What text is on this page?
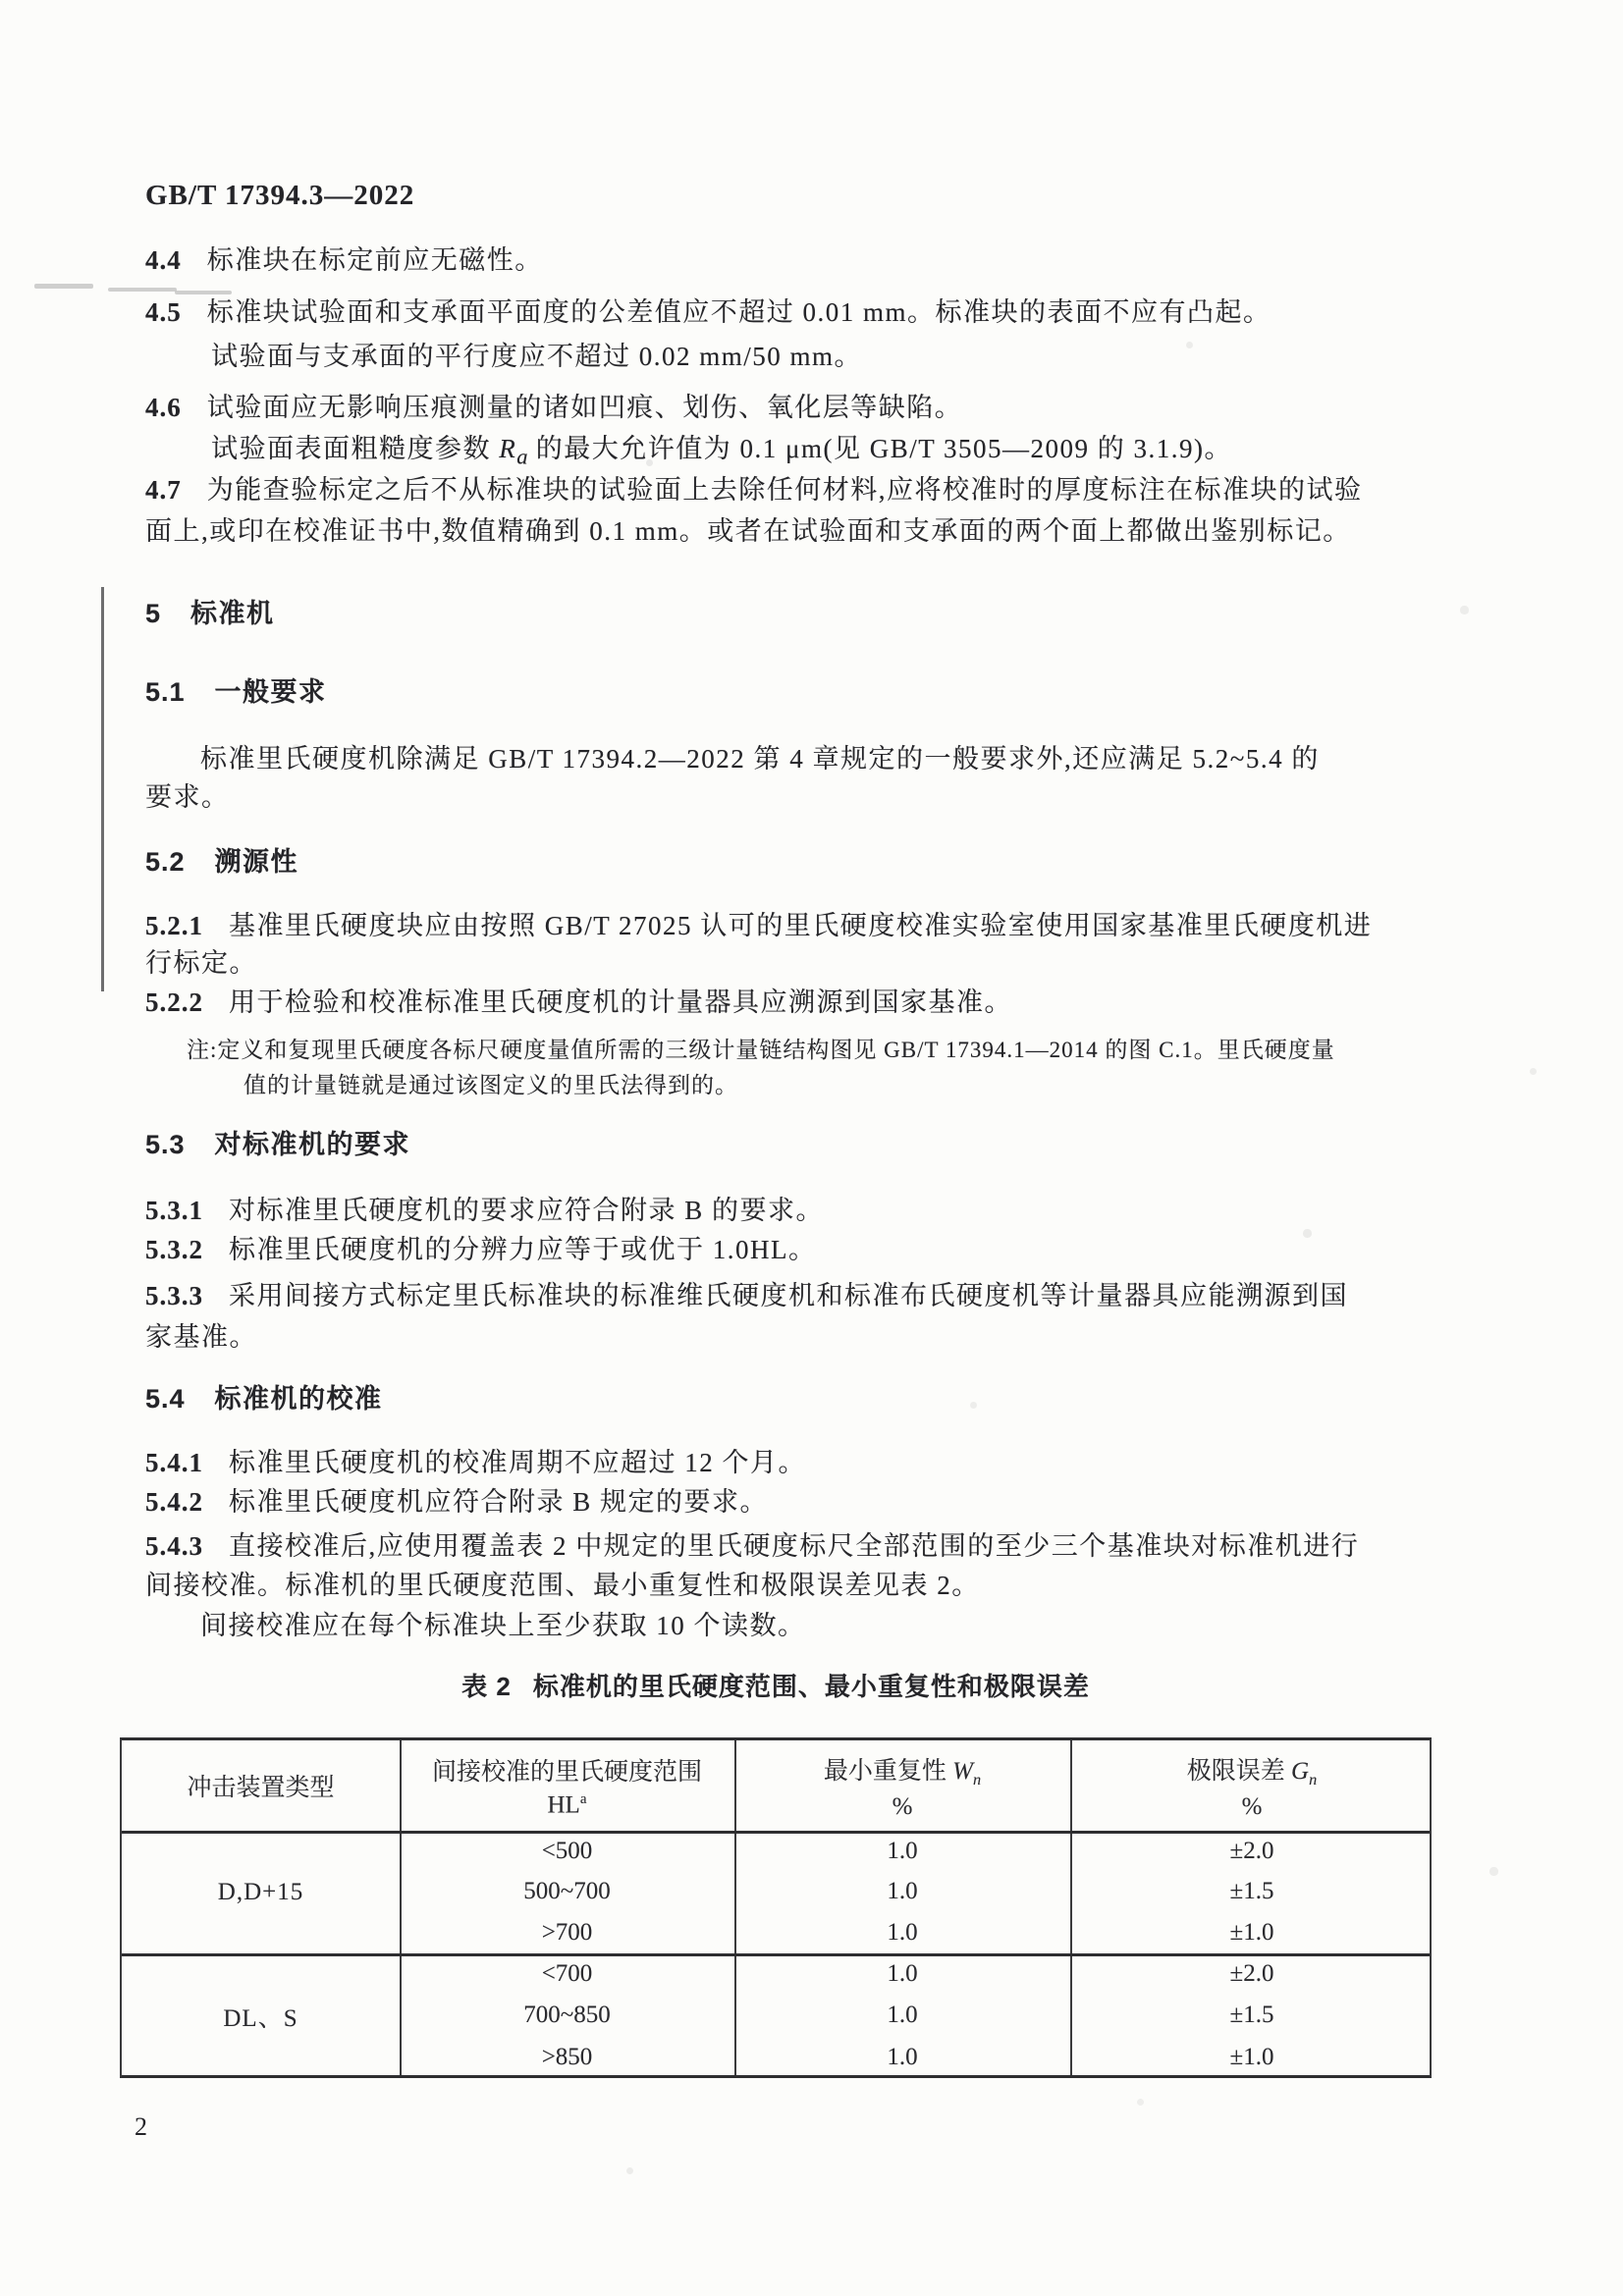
GB/T 17394.3—2022
4.4 标准块在标定前应无磁性。
4.5 标准块试验面和支承面平面度的公差值应不超过 0.01 mm。标准块的表面不应有凸起。
试验面与支承面的平行度应不超过 0.02 mm/50 mm。
4.6 试验面应无影响压痕测量的诸如凹痕、划伤、氧化层等缺陷。
试验面表面粗糙度参数 $R_a$ 的最大允许值为 0.1 μm(见 GB/T 3505—2009 的 3.1.9)。
4.7 为能查验标定之后不从标准块的试验面上去除任何材料,应将校准时的厚度标注在标准块的试验
面上,或印在校准证书中,数值精确到 0.1 mm。或者在试验面和支承面的两个面上都做出鉴别标记。
5 标准机
5.1 一般要求
标准里氏硬度机除满足 GB/T 17394.2—2022 第 4 章规定的一般要求外,还应满足 5.2~5.4 的
要求。
5.2 溯源性
5.2.1 基准里氏硬度块应由按照 GB/T 27025 认可的里氏硬度校准实验室使用国家基准里氏硬度机进
行标定。
5.2.2 用于检验和校准标准里氏硬度机的计量器具应溯源到国家基准。
注:定义和复现里氏硬度各标尺硬度量值所需的三级计量链结构图见 GB/T 17394.1—2014 的图 C.1。里氏硬度量
值的计量链就是通过该图定义的里氏法得到的。
5.3 对标准机的要求
5.3.1 对标准里氏硬度机的要求应符合附录 B 的要求。
5.3.2 标准里氏硬度机的分辨力应等于或优于 1.0HL。
5.3.3 采用间接方式标定里氏标准块的标准维氏硬度机和标准布氏硬度机等计量器具应能溯源到国
家基准。
5.4 标准机的校准
5.4.1 标准里氏硬度机的校准周期不应超过 12 个月。
5.4.2 标准里氏硬度机应符合附录 B 规定的要求。
5.4.3 直接校准后,应使用覆盖表 2 中规定的里氏硬度标尺全部范围的至少三个基准块对标准机进行
间接校准。标准机的里氏硬度范围、最小重复性和极限误差见表 2。
间接校准应在每个标准块上至少获取 10 个读数。
表 2 标准机的里氏硬度范围、最小重复性和极限误差
冲击装置类型
间接校准的里氏硬度范围
$HL^a$
最小重复性 $W_n$
%
极限误差 $G_n$
%
D,D+15
<500
500~700
>700
1.0
1.0
1.0
±2.0
±1.5
±1.0
DL、S
<700
700~850
>850
1.0
1.0
1.0
±2.0
±1.5
±1.0
2
